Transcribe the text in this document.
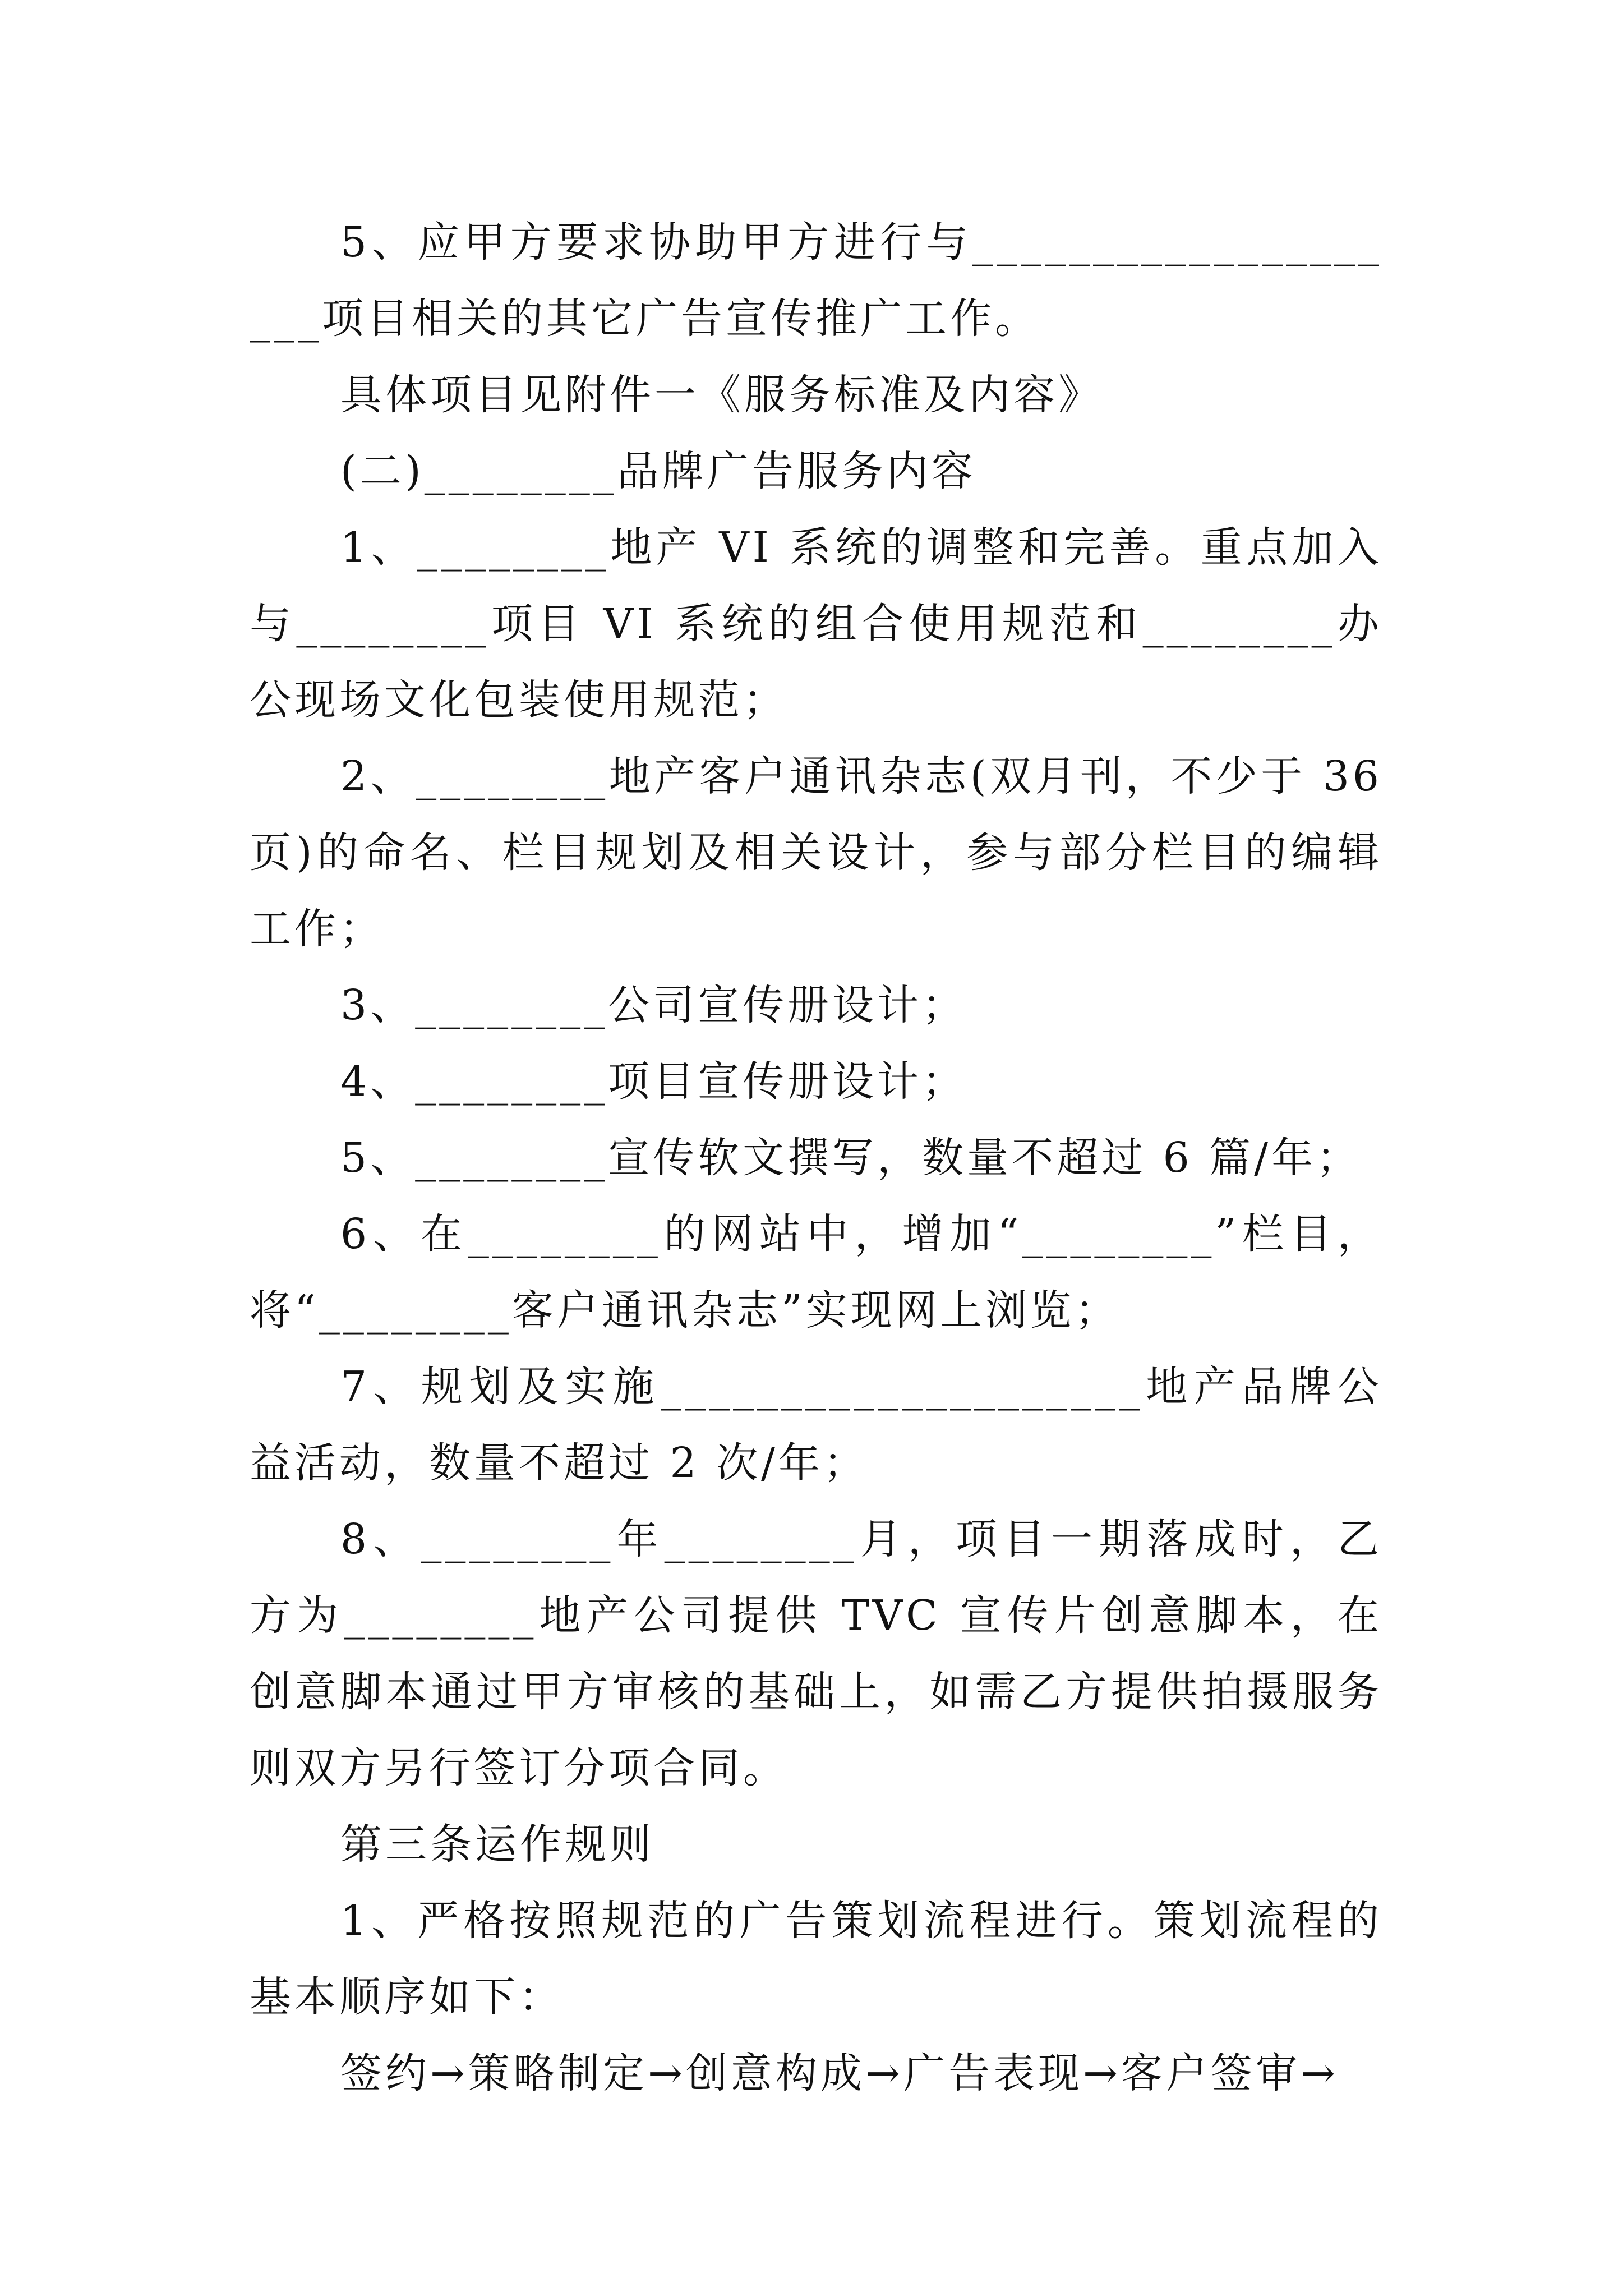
5、应甲方要求协助甲方进行与____________________项目相关的其它广告宣传推广工作。

具体项目见附件一《服务标准及内容》

(二)________品牌广告服务内容

1、________地产 VI 系统的调整和完善。重点加入与________项目 VI 系统的组合使用规范和________办公现场文化包装使用规范；

2、________地产客户通讯杂志(双月刊，不少于 36 页)的命名、栏目规划及相关设计，参与部分栏目的编辑工作；

3、________公司宣传册设计；

4、________项目宣传册设计；

5、________宣传软文撰写，数量不超过 6 篇/年；

6、在________的网站中，增加“________”栏目，将“________客户通讯杂志”实现网上浏览；

7、规划及实施____________________地产品牌公益活动，数量不超过 2 次/年；

8、________年________月，项目一期落成时，乙方为________地产公司提供 TVC 宣传片创意脚本，在创意脚本通过甲方审核的基础上，如需乙方提供拍摄服务则双方另行签订分项合同。

第三条运作规则

1、严格按照规范的广告策划流程进行。策划流程的基本顺序如下：

签约→策略制定→创意构成→广告表现→客户签审→
